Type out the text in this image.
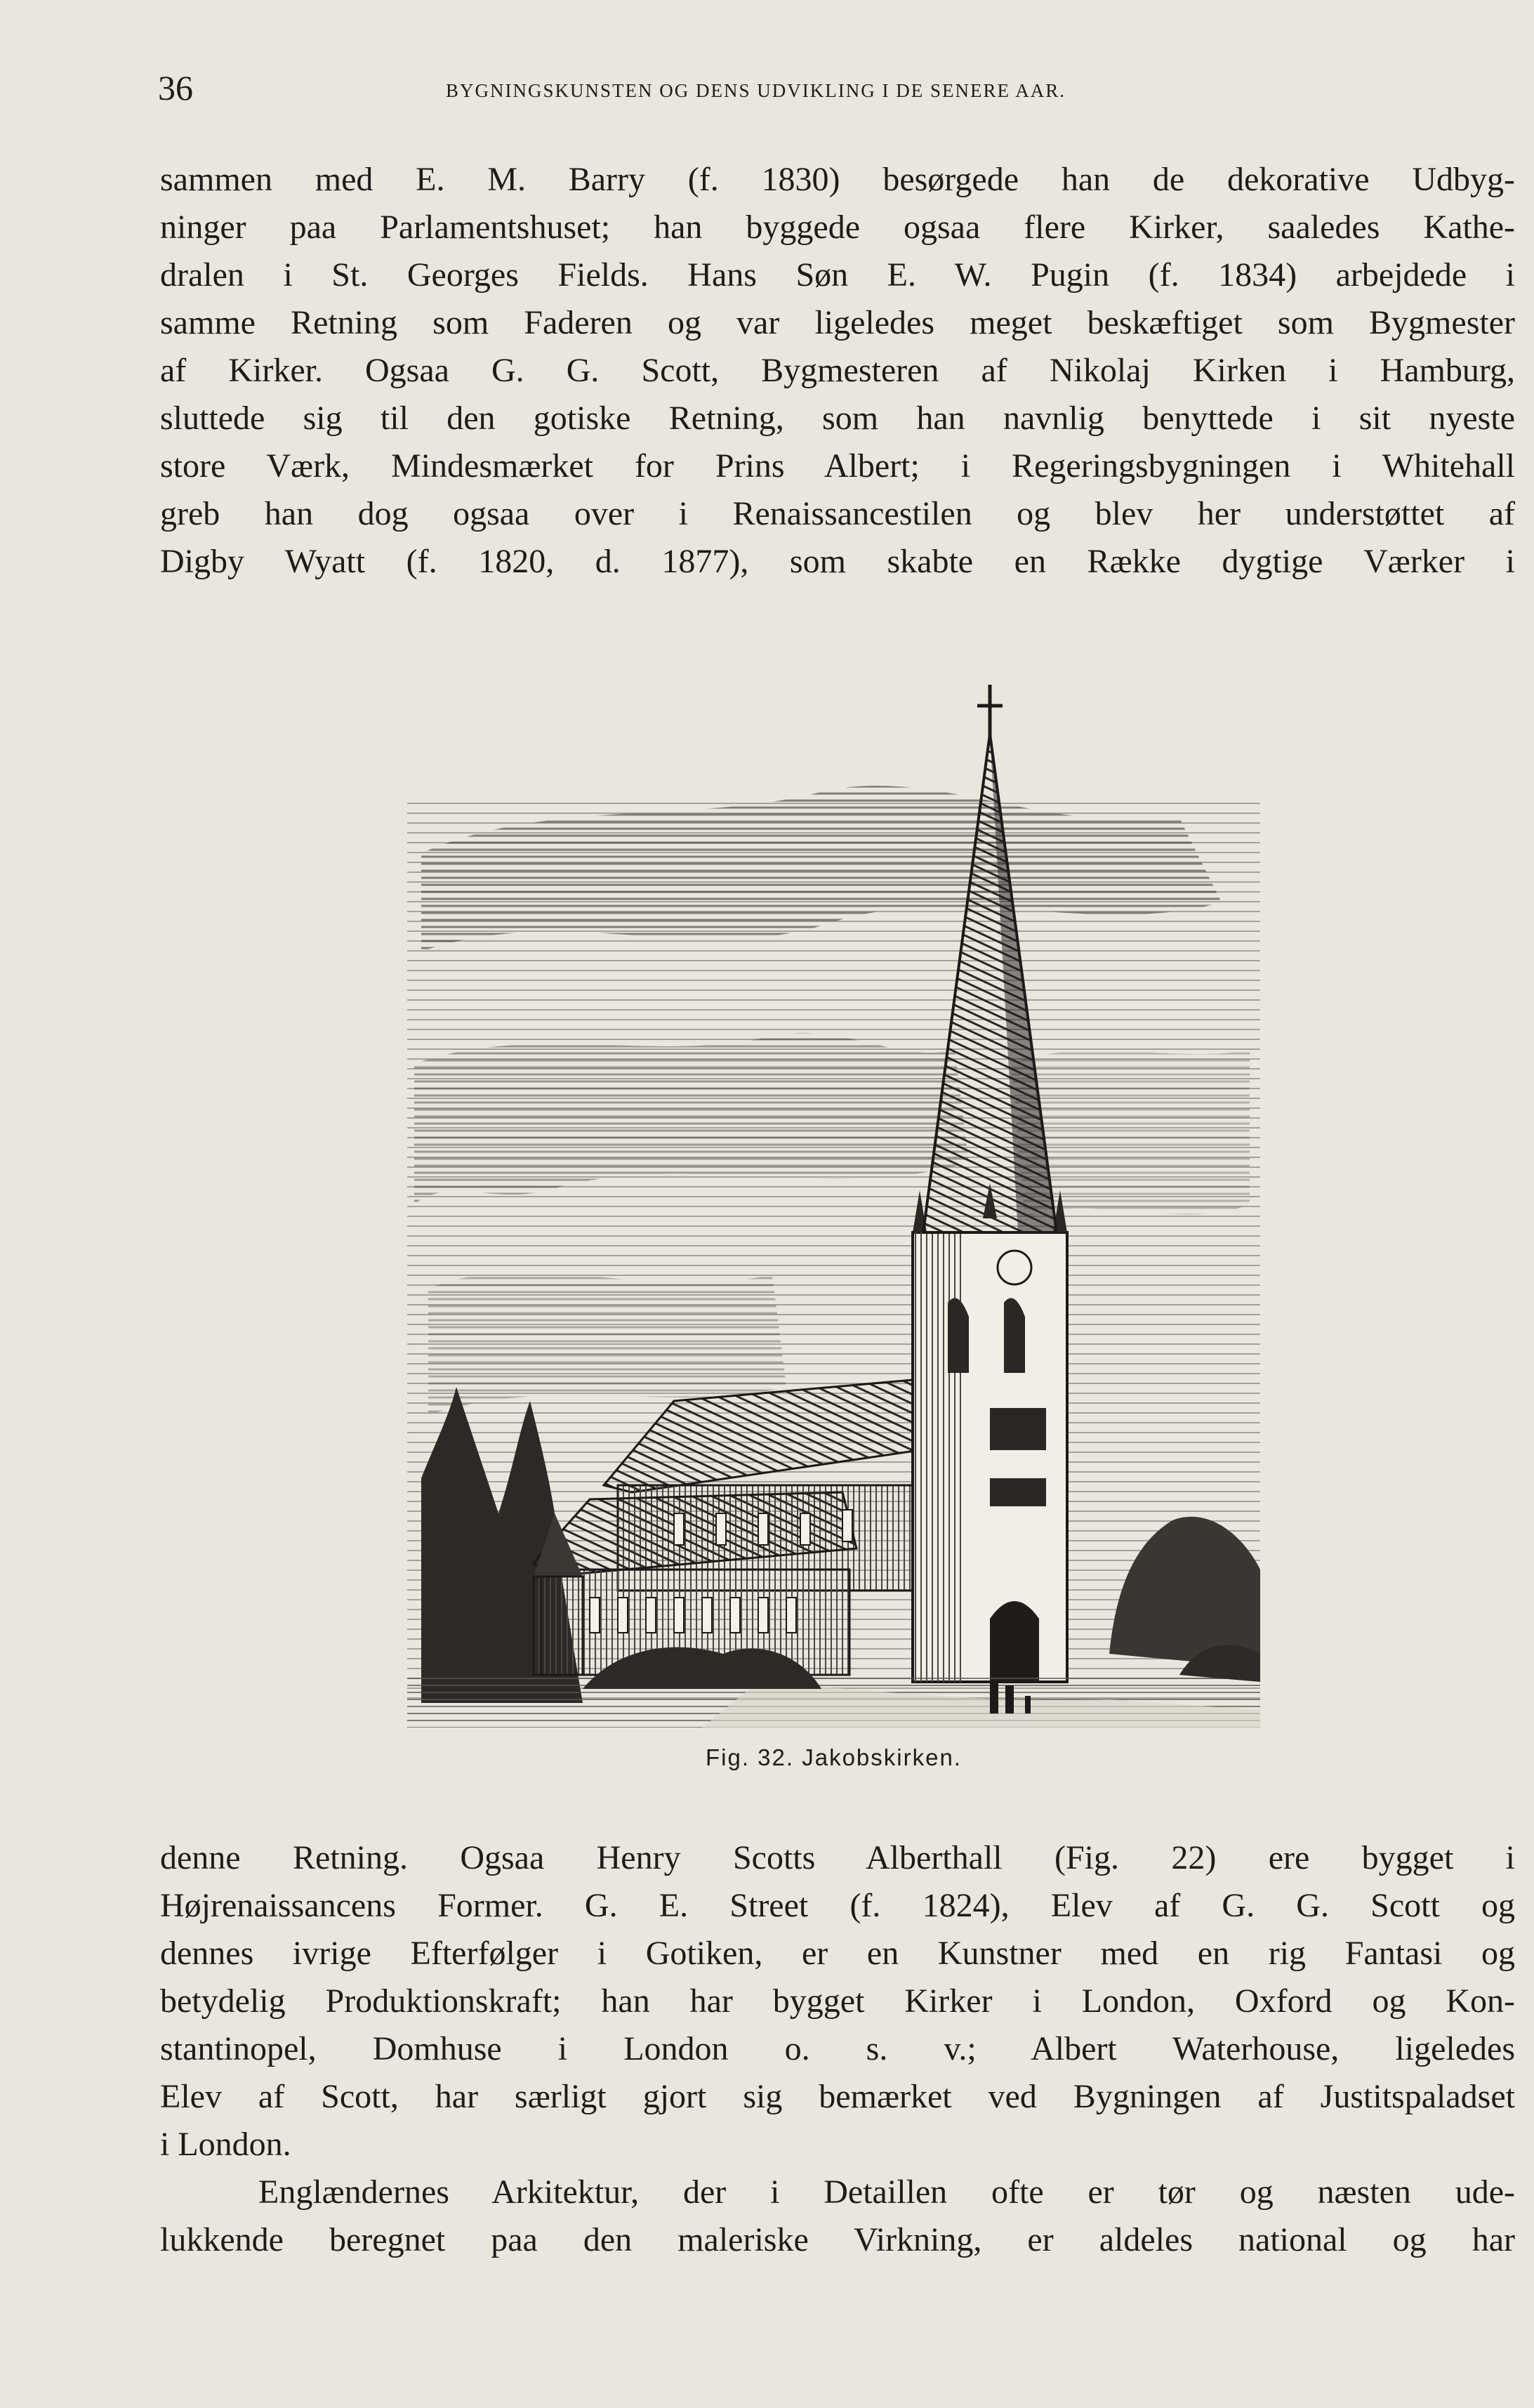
36	BYGNINGSKUNSTEN OG DENS UDVIKLING I DE SENERE AAR.
sammen med E. M. Barry (f. 1830) besørgede han de dekorative Udbyg-
ninger paa Parlamentshuset; han byggede ogsaa flere Kirker, saaledes Kathe-
dralen i St. Georges Fields. Hans Søn E. W. Pugin (f. 1834) arbejdede i
samme Retning som Faderen og var ligeledes meget beskæftiget som Bygmester
af Kirker. Ogsaa G. G. Scott, Bygmesteren af Nikolaj Kirken i Hamburg,
sluttede sig til den gotiske Retning, som han navnlig benyttede i sit nyeste
store Værk, Mindesmærket for Prins Albert; i Regeringsbygningen i Whitehall
greb han dog ogsaa over i Renaissancestilen og blev her understøttet af
Digby Wyatt (f. 1820, d. 1877), som skabte en Række dygtige Værker i
Fig. 32. Jakobskirken.
denne Retning. Ogsaa Henry Scotts Alberthall (Fig. 22) ere bygget i
Højrenaissancens Former. G. E. Street (f. 1824), Elev af G. G. Scott og
dennes ivrige Efterfølger i Gotiken, er en Kunstner med en rig Fantasi og
betydelig Produktionskraft; han har bygget Kirker i London, Oxford og Kon-
stantinopel, Domhuse i London o. s. v.; Albert Waterhouse, ligeledes
Elev af Scott, har særligt gjort sig bemærket ved Bygningen af Justitspaladset
i London.
Englændernes Arkitektur, der i Detaillen ofte er tør og næsten ude-
lukkende beregnet paa den maleriske Virkning, er aldeles national og har
